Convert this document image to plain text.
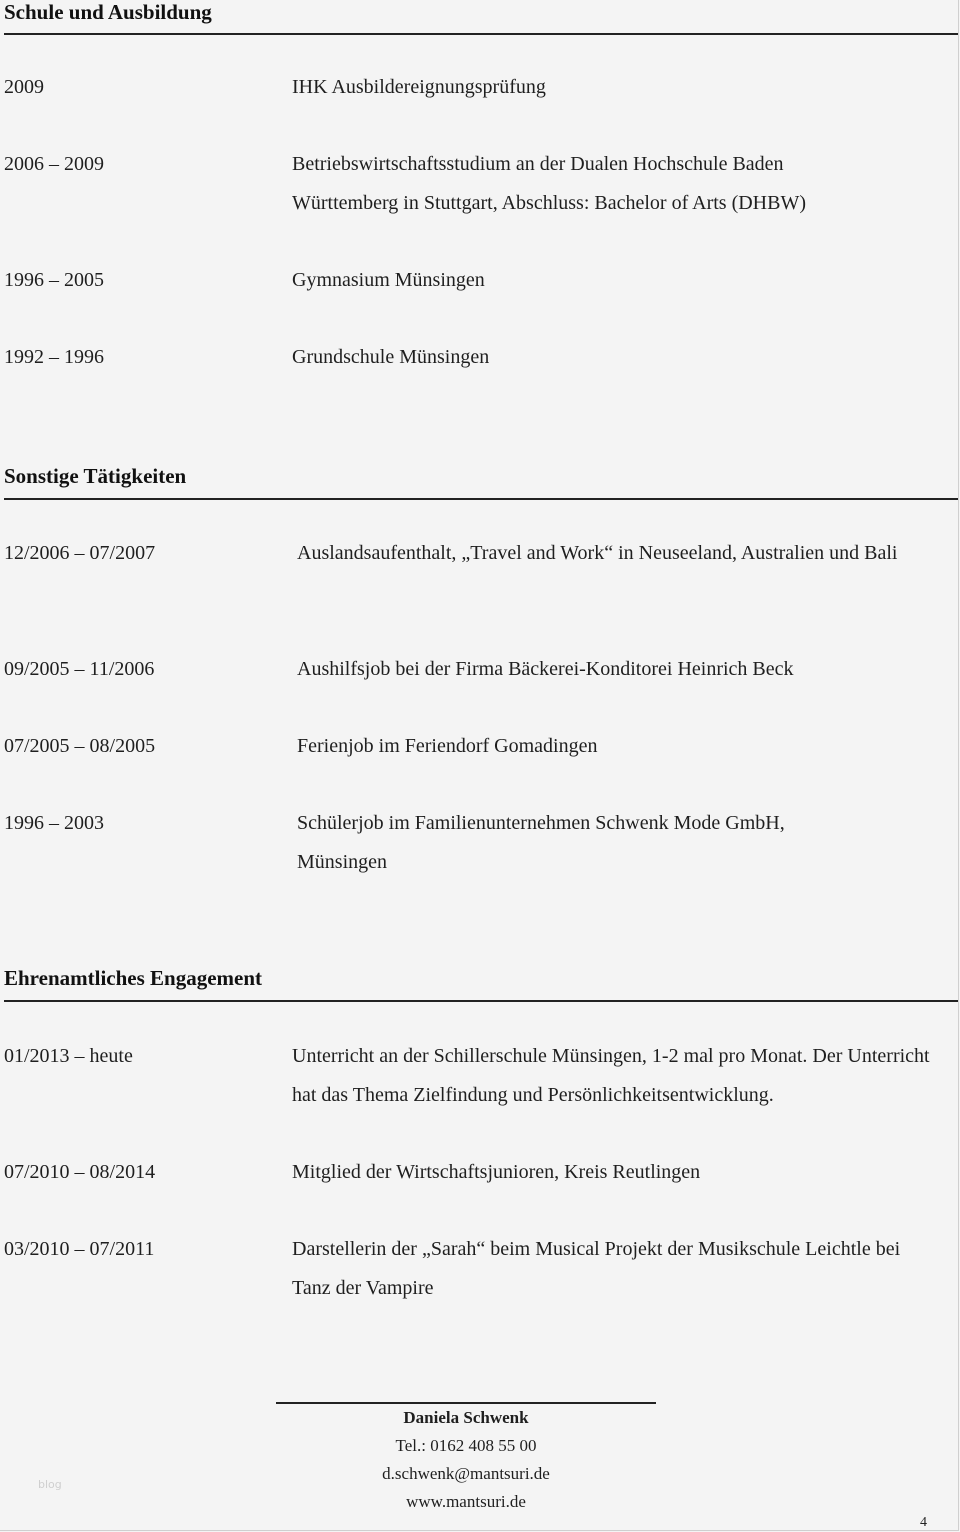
Schule und Ausbildung
2009	IHK Ausbildereignungsprüfung
2006 – 2009	Betriebswirtschaftsstudium an der Dualen Hochschule Baden Württemberg in Stuttgart, Abschluss: Bachelor of Arts (DHBW)
1996 – 2005	Gymnasium Münsingen
1992 – 1996	Grundschule Münsingen
Sonstige Tätigkeiten
12/2006 – 07/2007	Auslandsaufenthalt, „Travel and Work“ in Neuseeland, Australien und Bali
09/2005 – 11/2006	Aushilfsjob bei der Firma Bäckerei-Konditorei Heinrich Beck
07/2005 – 08/2005	Ferienjob im Feriendorf Gomadingen
1996 – 2003	Schülerjob im Familienunternehmen Schwenk Mode GmbH, Münsingen
Ehrenamtliches Engagement
01/2013 – heute	Unterricht an der Schillerschule Münsingen, 1-2 mal pro Monat. Der Unterricht hat das Thema Zielfindung und Persönlichkeitsentwicklung.
07/2010 – 08/2014	Mitglied der Wirtschaftsjunioren, Kreis Reutlingen
03/2010 – 07/2011	Darstellerin der „Sarah“ beim Musical Projekt der Musikschule Leichtle bei Tanz der Vampire
Daniela Schwenk
Tel.: 0162 408 55 00
d.schwenk@mantsuri.de
www.mantsuri.de
blog
4
